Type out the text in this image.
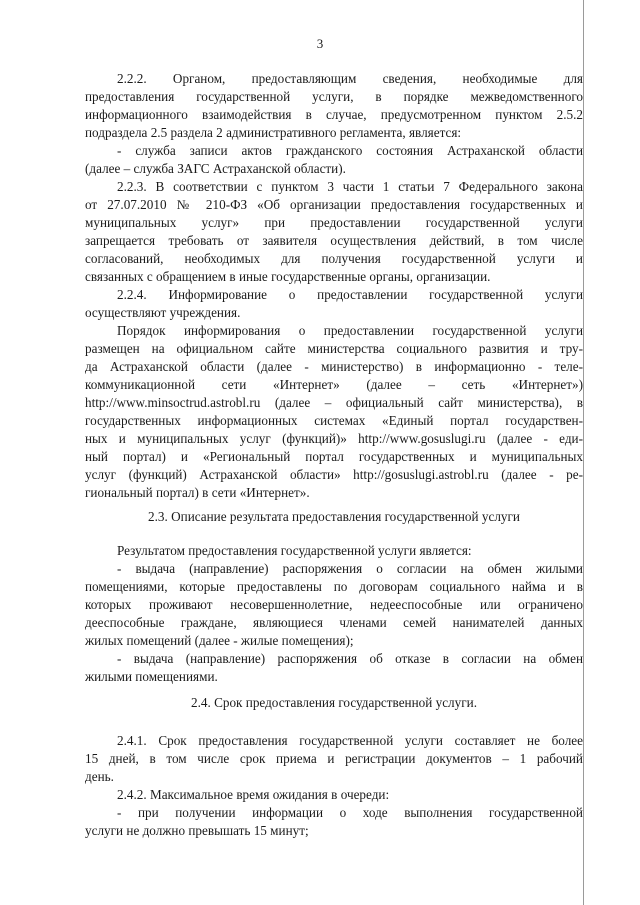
3
2.2.2. Органом, предоставляющим сведения, необходимые для
предоставления государственной услуги, в порядке межведомственного
информационного взаимодействия в случае, предусмотренном пунктом 2.5.2
подраздела 2.5 раздела 2 административного регламента, является:
- служба записи актов гражданского состояния Астраханской области
(далее – служба ЗАГС Астраханской области).
2.2.3. В соответствии с пунктом 3 части 1 статьи 7 Федерального закона
от 27.07.2010 № 210-ФЗ «Об организации предоставления государственных и
муниципальных услуг» при предоставлении государственной услуги
запрещается требовать от заявителя осуществления действий, в том числе
согласований, необходимых для получения государственной услуги и
связанных с обращением в иные государственные органы, организации.
2.2.4. Информирование о предоставлении государственной услуги
осуществляют учреждения.
Порядок информирования о предоставлении государственной услуги
размещен на официальном сайте министерства социального развития и тру-
да Астраханской области (далее - министерство) в информационно - теле-
коммуникационной сети «Интернет» (далее – сеть «Интернет»)
http://www.minsoctrud.astrobl.ru (далее – официальный сайт министерства), в
государственных информационных системах «Единый портал государствен-
ных и муниципальных услуг (функций)» http://www.gosuslugi.ru (далее - еди-
ный портал) и «Региональный портал государственных и муниципальных
услуг (функций) Астраханской области» http://gosuslugi.astrobl.ru (далее - ре-
гиональный портал) в сети «Интернет».
2.3. Описание результата предоставления государственной услуги
Результатом предоставления государственной услуги является:
- выдача (направление) распоряжения о согласии на обмен жилыми
помещениями, которые предоставлены по договорам социального найма и в
которых проживают несовершеннолетние, недееспособные или ограничено
дееспособные граждане, являющиеся членами семей нанимателей данных
жилых помещений (далее - жилые помещения);
- выдача (направление) распоряжения об отказе в согласии на обмен
жилыми помещениями.
2.4. Срок предоставления государственной услуги.
2.4.1. Срок предоставления государственной услуги составляет не более
15 дней, в том числе срок приема и регистрации документов – 1 рабочий
день.
2.4.2. Максимальное время ожидания в очереди:
- при получении информации о ходе выполнения государственной
услуги не должно превышать 15 минут;
